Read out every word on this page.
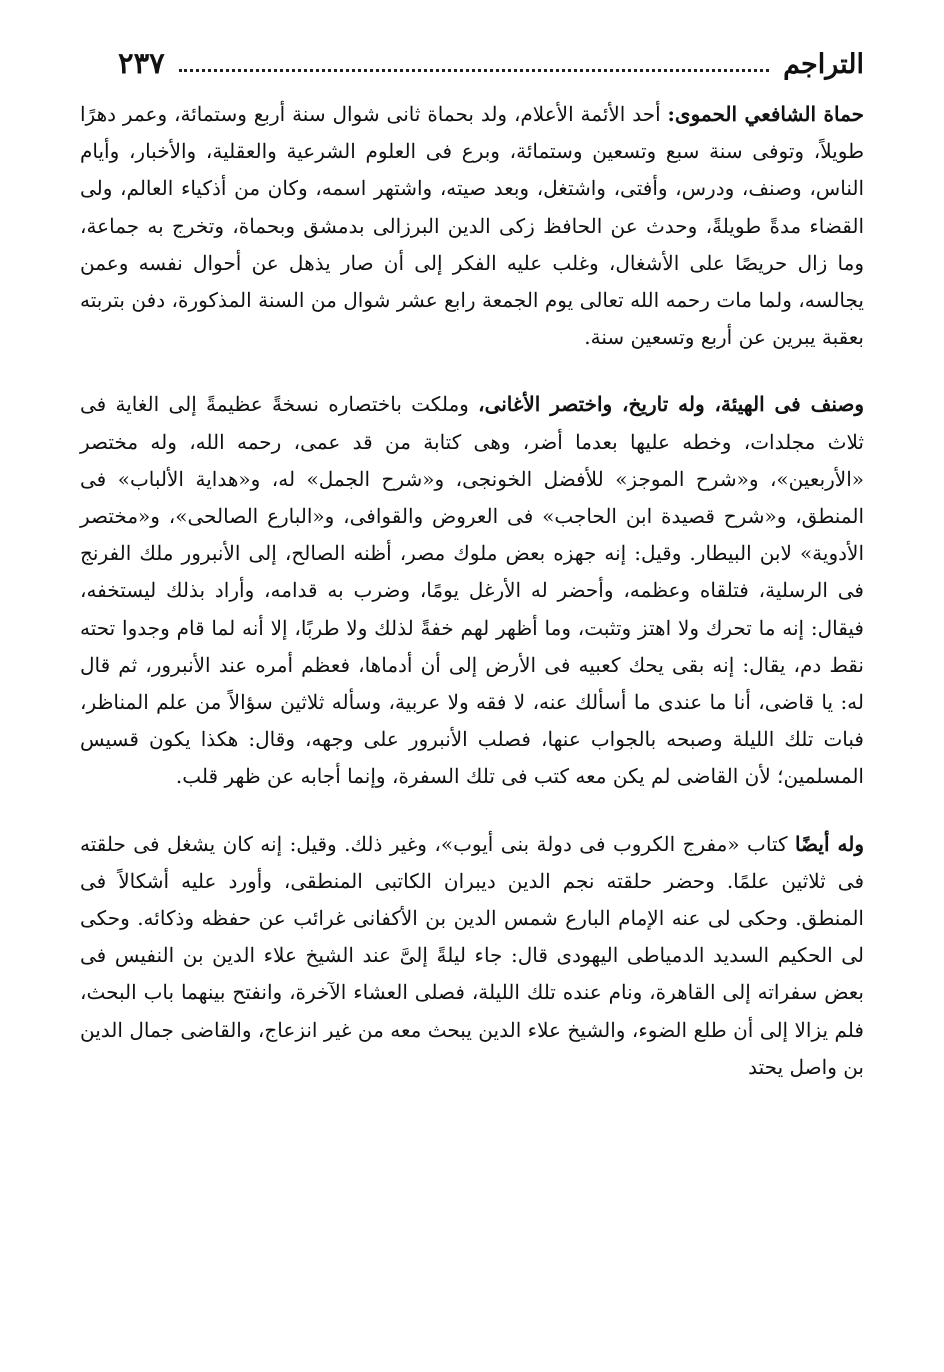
التراجم
٢٣٧

حماة الشافعي الحموى: أحد الأئمة الأعلام، ولد بحماة ثانى شوال سنة أربع وستمائة، وعمر دهرًا طويلاً، وتوفى سنة سبع وتسعين وستمائة، وبرع فى العلوم الشرعية والعقلية، والأخبار، وأيام الناس، وصنف، ودرس، وأفتى، واشتغل، وبعد صيته، واشتهر اسمه، وكان من أذكياء العالم، ولى القضاء مدةً طويلةً، وحدث عن الحافظ زكى الدين البرزالى بدمشق وبحماة، وتخرج به جماعة، وما زال حريصًا على الأشغال، وغلب عليه الفكر إلى أن صار يذهل عن أحوال نفسه وعمن يجالسه، ولما مات رحمه الله تعالى يوم الجمعة رابع عشر شوال من السنة المذكورة، دفن بتربته بعقبة يبرين عن أربع وتسعين سنة.

وصنف فى الهيئة، وله تاريخ، واختصر الأغانى، وملكت باختصاره نسخةً عظيمةً إلى الغاية فى ثلاث مجلدات، وخطه عليها بعدما أضر، وهى كتابة من قد عمى، رحمه الله، وله مختصر «الأربعين»، و«شرح الموجز» للأفضل الخونجى، و«شرح الجمل» له، و«هداية الألباب» فى المنطق، و«شرح قصيدة ابن الحاجب» فى العروض والقوافى، و«البارع الصالحى»، و«مختصر الأدوية» لابن البيطار. وقيل: إنه جهزه بعض ملوك مصر، أظنه الصالح، إلى الأنبرور ملك الفرنج فى الرسلية، فتلقاه وعظمه، وأحضر له الأرغل يومًا، وضرب به قدامه، وأراد بذلك ليستخفه، فيقال: إنه ما تحرك ولا اهتز وتثبت، وما أظهر لهم خفةً لذلك ولا طربًا، إلا أنه لما قام وجدوا تحته نقط دم، يقال: إنه بقى يحك كعبيه فى الأرض إلى أن أدماها، فعظم أمره عند الأنبرور، ثم قال له: يا قاضى، أنا ما عندى ما أسألك عنه، لا فقه ولا عربية، وسأله ثلاثين سؤالاً من علم المناظر، فبات تلك الليلة وصبحه بالجواب عنها، فصلب الأنبرور على وجهه، وقال: هكذا يكون قسيس المسلمين؛ لأن القاضى لم يكن معه كتب فى تلك السفرة، وإنما أجابه عن ظهر قلب.

وله أيضًا كتاب «مفرج الكروب فى دولة بنى أيوب»، وغير ذلك. وقيل: إنه كان يشغل فى حلقته فى ثلاثين علمًا. وحضر حلقته نجم الدين ديبران الكاتبى المنطقى، وأورد عليه أشكالاً فى المنطق. وحكى لى عنه الإمام البارع شمس الدين بن الأكفانى غرائب عن حفظه وذكائه. وحكى لى الحكيم السديد الدمياطى اليهودى قال: جاء ليلةً إلىَّ عند الشيخ علاء الدين بن النفيس فى بعض سفراته إلى القاهرة، ونام عنده تلك الليلة، فصلى العشاء الآخرة، وانفتح بينهما باب البحث، فلم يزالا إلى أن طلع الضوء، والشيخ علاء الدين يبحث معه من غير انزعاج، والقاضى جمال الدين بن واصل يحتد
